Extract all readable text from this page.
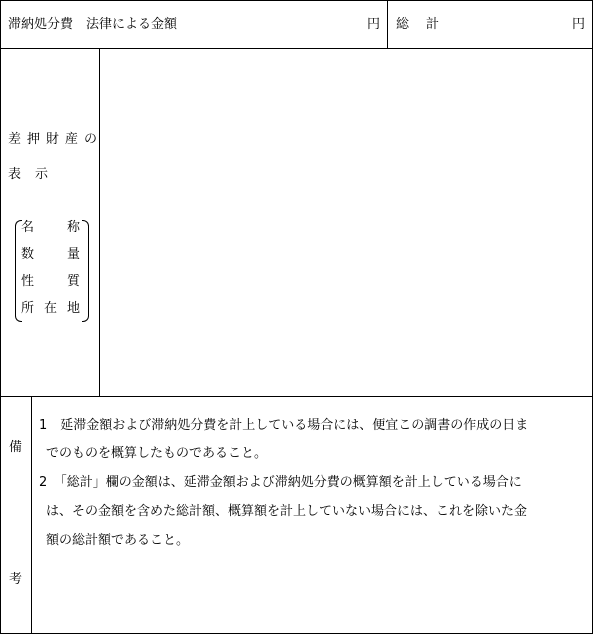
滞納処分費　法律による金額	円 総　計	円
差押財産の
表示
名	称
数	量
性	質
所 在 地
備
考
1　延滞金額および滞納処分費を計上している場合には、便宜この調書の作成の日ま
でのものを概算したものであること。
2　「総計」欄の金額は、延滞金額および滞納処分費の概算額を計上している場合に
は、その金額を含めた総計額、概算額を計上していない場合には、これを除いた金
額の総計額であること。
